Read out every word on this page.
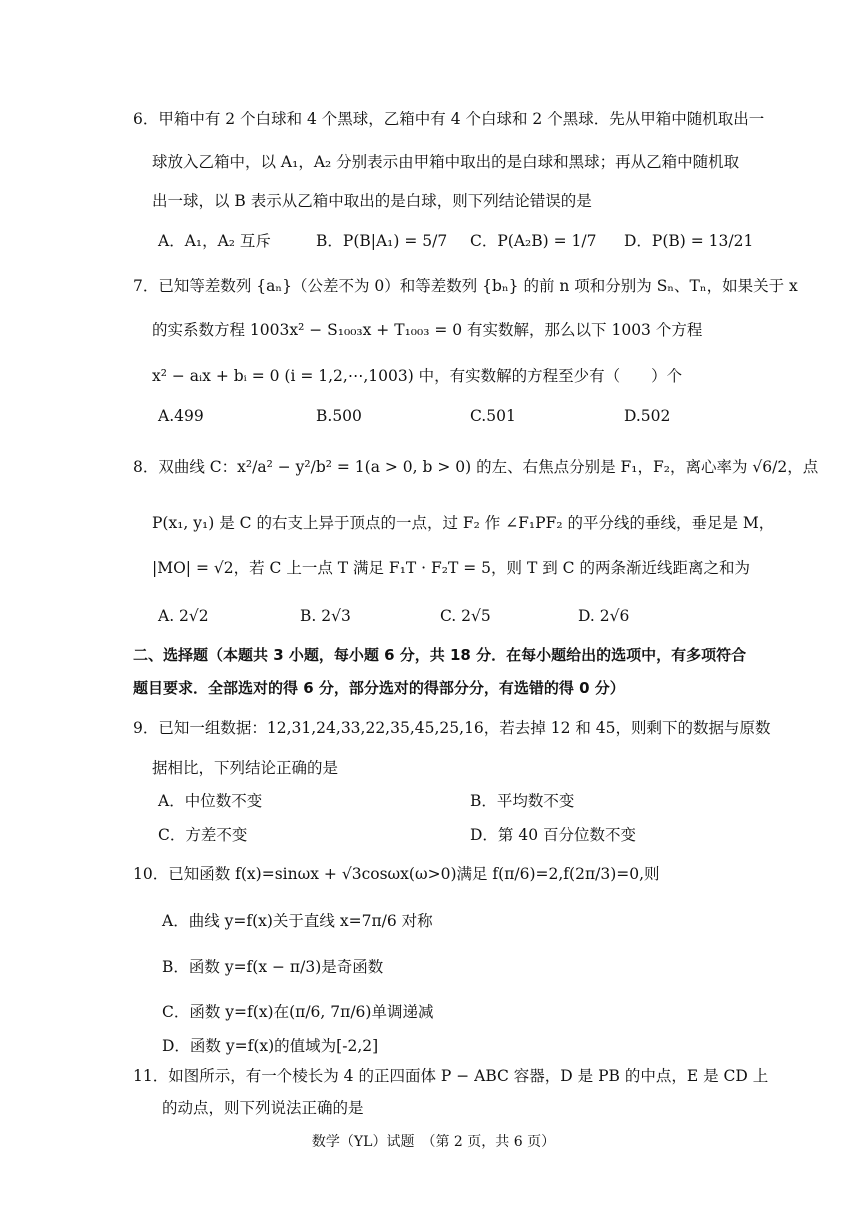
6．甲箱中有 2 个白球和 4 个黑球，乙箱中有 4 个白球和 2 个黑球．先从甲箱中随机取出一
球放入乙箱中，以 A₁，A₂ 分别表示由甲箱中取出的是白球和黑球；再从乙箱中随机取
出一球，以 B 表示从乙箱中取出的是白球，则下列结论错误的是
A．A₁，A₂ 互斥	B．P(B|A₁) = 5/7 C．P(A₂B) = 1/7 D．P(B) = 13/21
7．已知等差数列 {aₙ}（公差不为 0）和等差数列 {bₙ} 的前 n 项和分别为 Sₙ、Tₙ，如果关于 x
的实系数方程 1003x² − S₁₀₀₃x + T₁₀₀₃ = 0 有实数解，那么以下 1003 个方程
x² − aᵢx + bᵢ = 0 (i = 1,2,⋯,1003) 中，有实数解的方程至少有（　　）个
A.499	B.500	C.501	D.502
8．双曲线 C：x²/a² − y²/b² = 1(a > 0, b > 0) 的左、右焦点分别是 F₁，F₂，离心率为 √6/2，点
P(x₁, y₁) 是 C 的右支上异于顶点的一点，过 F₂ 作 ∠F₁PF₂ 的平分线的垂线，垂足是 M，
|MO| = √2，若 C 上一点 T 满足 F₁T · F₂T = 5，则 T 到 C 的两条渐近线距离之和为
A. 2√2	B. 2√3	C. 2√5	D. 2√6
二、选择题（本题共 3 小题，每小题 6 分，共 18 分．在每小题给出的选项中，有多项符合
题目要求．全部选对的得 6 分，部分选对的得部分分，有选错的得 0 分）
9．已知一组数据：12,31,24,33,22,35,45,25,16，若去掉 12 和 45，则剩下的数据与原数
据相比，下列结论正确的是
A．中位数不变	B．平均数不变
C．方差不变	D．第 40 百分位数不变
10．已知函数 f(x)=sinωx + √3cosωx(ω>0)满足 f(π/6)=2,f(2π/3)=0,则
A．曲线 y=f(x)关于直线 x=7π/6 对称
B．函数 y=f(x − π/3)是奇函数
C．函数 y=f(x)在(π/6, 7π/6)单调递减
D．函数 y=f(x)的值域为[-2,2]
11．如图所示，有一个棱长为 4 的正四面体 P − ABC 容器，D 是 PB 的中点，E 是 CD 上
的动点，则下列说法正确的是
数学（YL）试题　（第 2 页，共 6 页）
